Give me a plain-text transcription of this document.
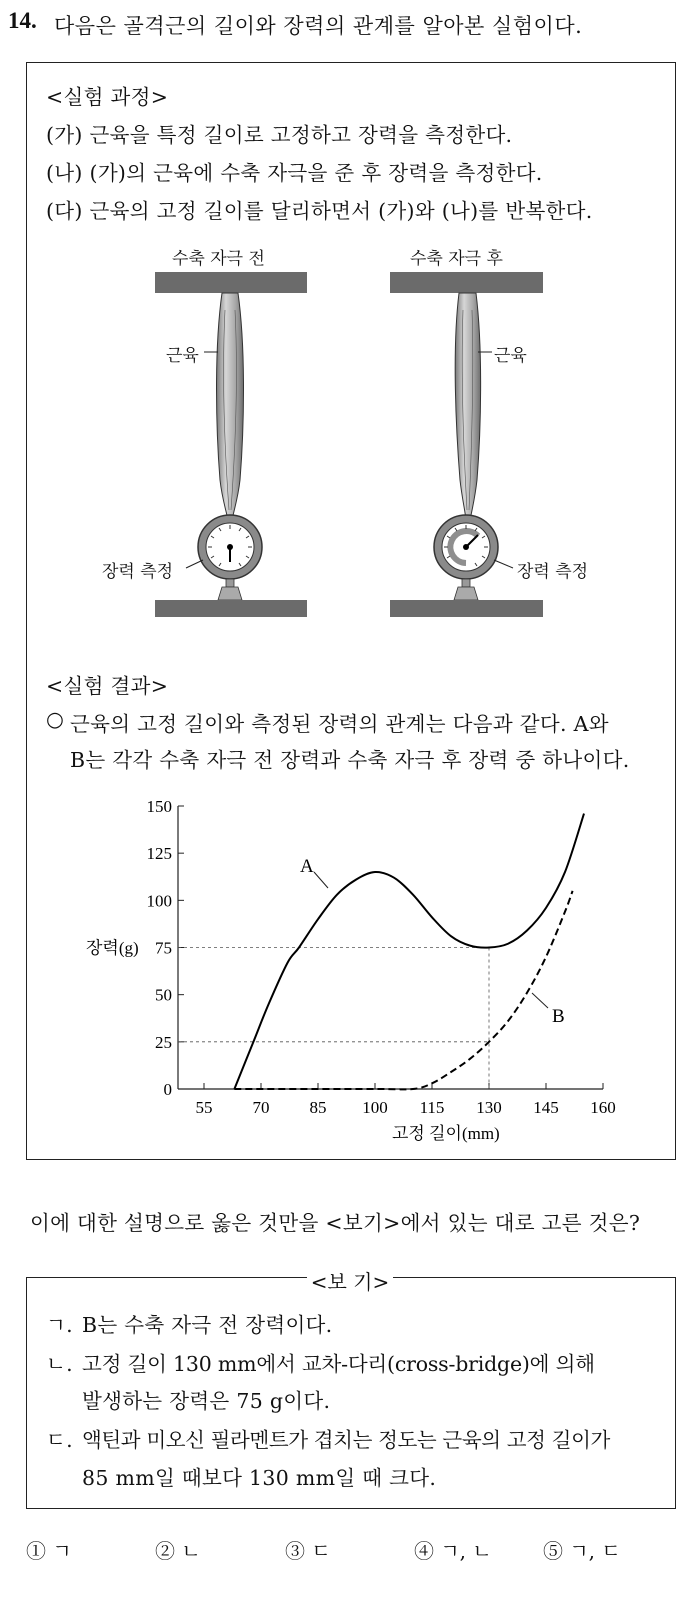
14. 다음은 골격근의 길이와 장력의 관계를 알아본 실험이다.
<실험 과정>
(가) 근육을 특정 길이로 고정하고 장력을 측정한다.
(나) (가)의 근육에 수축 자극을 준 후 장력을 측정한다.
(다) 근육의 고정 길이를 달리하면서 (가)와 (나)를 반복한다.
수축 자극 전	수축 자극 후
근육	근육
장력 측정	장력 측정
<실험 결과>
○ 근육의 고정 길이와 측정된 장력의 관계는 다음과 같다. A와
B는 각각 수축 자극 전 장력과 수축 자극 후 장력 중 하나이다.
0
25
50
75
100
125
150
55 70 85 100 115 130 145 160
장력(g)
고정 길이(mm)
A
B
이에 대한 설명으로 옳은 것만을 <보기>에서 있는 대로 고른 것은?
<보 기>
ㄱ. B는 수축 자극 전 장력이다.
ㄴ. 고정 길이 130 mm에서 교차-다리(cross-bridge)에 의해
발생하는 장력은 75 g이다.
ㄷ. 액틴과 미오신 필라멘트가 겹치는 정도는 근육의 고정 길이가
85 mm일 때보다 130 mm일 때 크다.
① ㄱ	② ㄴ	③ ㄷ	④ ㄱ, ㄴ	⑤ ㄱ, ㄷ
